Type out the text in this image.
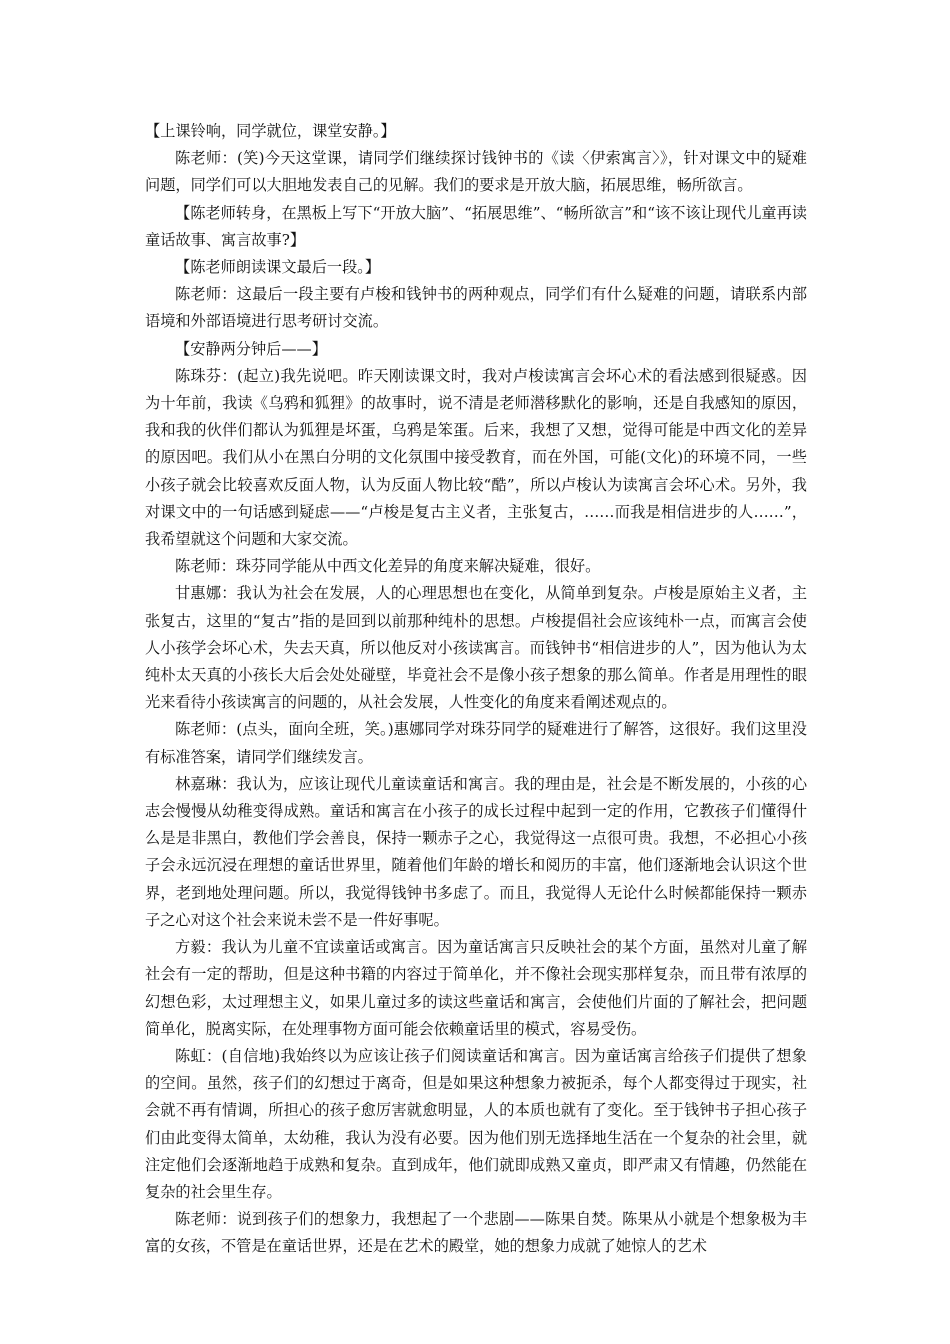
【上课铃响，同学就位，课堂安静。】

陈老师：(笑)今天这堂课，请同学们继续探讨钱钟书的《读〈伊索寓言〉》，针对课文中的疑难问题，同学们可以大胆地发表自己的见解。我们的要求是开放大脑，拓展思维，畅所欲言。

【陈老师转身，在黑板上写下“开放大脑”、“拓展思维”、“畅所欲言”和“该不该让现代儿童再读童话故事、寓言故事?】

【陈老师朗读课文最后一段。】

陈老师：这最后一段主要有卢梭和钱钟书的两种观点，同学们有什么疑难的问题，请联系内部语境和外部语境进行思考研讨交流。

【安静两分钟后——】

陈珠芬：(起立)我先说吧。昨天刚读课文时，我对卢梭读寓言会坏心术的看法感到很疑惑。因为十年前，我读《乌鸦和狐狸》的故事时，说不清是老师潜移默化的影响，还是自我感知的原因，我和我的伙伴们都认为狐狸是坏蛋，乌鸦是笨蛋。后来，我想了又想，觉得可能是中西文化的差异的原因吧。我们从小在黑白分明的文化氛围中接受教育，而在外国，可能(文化)的环境不同，一些小孩子就会比较喜欢反面人物，认为反面人物比较“酷”，所以卢梭认为读寓言会坏心术。另外，我对课文中的一句话感到疑虑——“卢梭是复古主义者，主张复古，……而我是相信进步的人……”，我希望就这个问题和大家交流。

陈老师：珠芬同学能从中西文化差异的角度来解决疑难，很好。

甘惠娜：我认为社会在发展，人的心理思想也在变化，从简单到复杂。卢梭是原始主义者，主张复古，这里的“复古”指的是回到以前那种纯朴的思想。卢梭提倡社会应该纯朴一点，而寓言会使人小孩学会坏心术，失去天真，所以他反对小孩读寓言。而钱钟书“相信进步的人”，因为他认为太纯朴太天真的小孩长大后会处处碰壁，毕竟社会不是像小孩子想象的那么简单。作者是用理性的眼光来看待小孩读寓言的问题的，从社会发展，人性变化的角度来看阐述观点的。

陈老师：(点头，面向全班，笑。)惠娜同学对珠芬同学的疑难进行了解答，这很好。我们这里没有标准答案，请同学们继续发言。

林嘉琳：我认为，应该让现代儿童读童话和寓言。我的理由是，社会是不断发展的，小孩的心志会慢慢从幼稚变得成熟。童话和寓言在小孩子的成长过程中起到一定的作用，它教孩子们懂得什么是是非黑白，教他们学会善良，保持一颗赤子之心，我觉得这一点很可贵。我想，不必担心小孩子会永远沉浸在理想的童话世界里，随着他们年龄的增长和阅历的丰富，他们逐渐地会认识这个世界，老到地处理问题。所以，我觉得钱钟书多虑了。而且，我觉得人无论什么时候都能保持一颗赤子之心对这个社会来说未尝不是一件好事呢。

方毅：我认为儿童不宜读童话或寓言。因为童话寓言只反映社会的某个方面，虽然对儿童了解社会有一定的帮助，但是这种书籍的内容过于简单化，并不像社会现实那样复杂，而且带有浓厚的幻想色彩，太过理想主义，如果儿童过多的读这些童话和寓言，会使他们片面的了解社会，把问题简单化，脱离实际，在处理事物方面可能会依赖童话里的模式，容易受伤。

陈虹：(自信地)我始终以为应该让孩子们阅读童话和寓言。因为童话寓言给孩子们提供了想象的空间。虽然，孩子们的幻想过于离奇，但是如果这种想象力被扼杀，每个人都变得过于现实，社会就不再有情调，所担心的孩子愈厉害就愈明显，人的本质也就有了变化。至于钱钟书子担心孩子们由此变得太简单，太幼稚，我认为没有必要。因为他们别无选择地生活在一个复杂的社会里，就注定他们会逐渐地趋于成熟和复杂。直到成年，他们就即成熟又童贞，即严肃又有情趣，仍然能在复杂的社会里生存。

陈老师：说到孩子们的想象力，我想起了一个悲剧——陈果自焚。陈果从小就是个想象极为丰富的女孩，不管是在童话世界，还是在艺术的殿堂，她的想象力成就了她惊人的艺术
